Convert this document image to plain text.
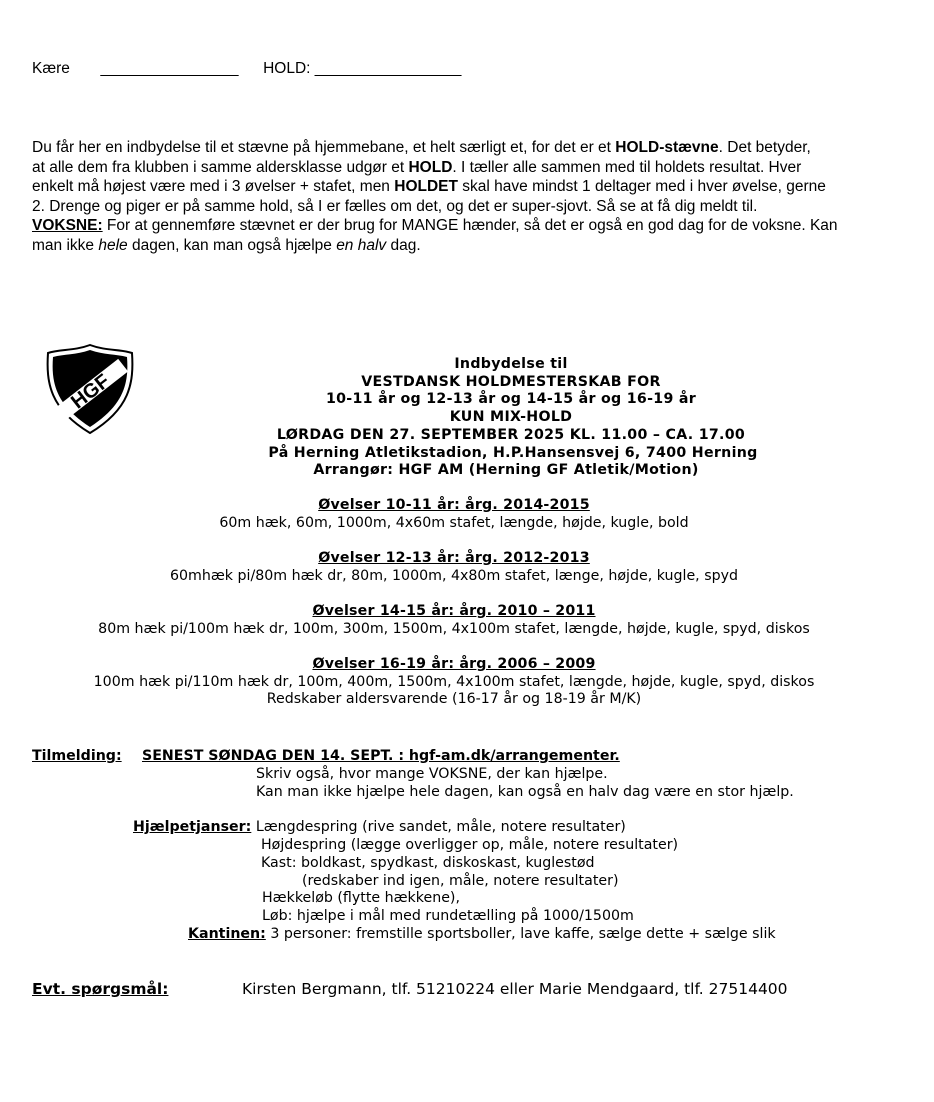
Kære ________________ HOLD: _________________

Du får her en indbydelse til et stævne på hjemmebane, et helt særligt et, for det er et HOLD-stævne. Det betyder,

at alle dem fra klubben i samme aldersklasse udgør et HOLD. I tæller alle sammen med til holdets resultat. Hver

enkelt må højest være med i 3 øvelser + stafet, men HOLDET skal have mindst 1 deltager med i hver øvelse, gerne

2. Drenge og piger er på samme hold, så I er fælles om det, og det er super-sjovt. Så se at få dig meldt til.

VOKSNE: For at gennemføre stævnet er der brug for MANGE hænder, så det er også en god dag for de voksne. Kan

man ikke hele dagen, kan man også hjælpe en halv dag.

HGF
Indbydelse til
VESTDANSK HOLDMESTERSKAB FOR
10-11 år og 12-13 år og 14-15 år og 16-19 år
KUN MIX-HOLD
LØRDAG DEN 27. SEPTEMBER 2025 KL. 11.00 – CA. 17.00
På Herning Atletikstadion, H.P.Hansensvej 6, 7400 Herning
Arrangør: HGF AM (Herning GF Atletik/Motion)
Øvelser 10-11 år: årg. 2014-2015
60m hæk, 60m, 1000m, 4x60m stafet, længde, højde, kugle, bold
Øvelser 12-13 år: årg. 2012-2013
60mhæk pi/80m hæk dr, 80m, 1000m, 4x80m stafet, længe, højde, kugle, spyd
Øvelser 14-15 år: årg. 2010 – 2011
80m hæk pi/100m hæk dr, 100m, 300m, 1500m, 4x100m stafet, længde, højde, kugle, spyd, diskos
Øvelser 16-19 år: årg. 2006 – 2009
100m hæk pi/110m hæk dr, 100m, 400m, 1500m, 4x100m stafet, længde, højde, kugle, spyd, diskos
Redskaber aldersvarende (16-17 år og 18-19 år M/K)
Tilmelding: SENEST SØNDAG DEN 14. SEPT. : hgf-am.dk/arrangementer.
Skriv også, hvor mange VOKSNE, der kan hjælpe.
Kan man ikke hjælpe hele dagen, kan også en halv dag være en stor hjælp.
Hjælpetjanser: Længdespring (rive sandet, måle, notere resultater)
Højdespring (lægge overligger op, måle, notere resultater)
Kast: boldkast, spydkast, diskoskast, kuglestød
(redskaber ind igen, måle, notere resultater)
Hækkeløb (flytte hækkene),
Løb: hjælpe i mål med rundetælling på 1000/1500m
Kantinen: 3 personer: fremstille sportsboller, lave kaffe, sælge dette + sælge slik
Evt. spørgsmål:	Kirsten Bergmann, tlf. 51210224 eller Marie Mendgaard, tlf. 27514400
